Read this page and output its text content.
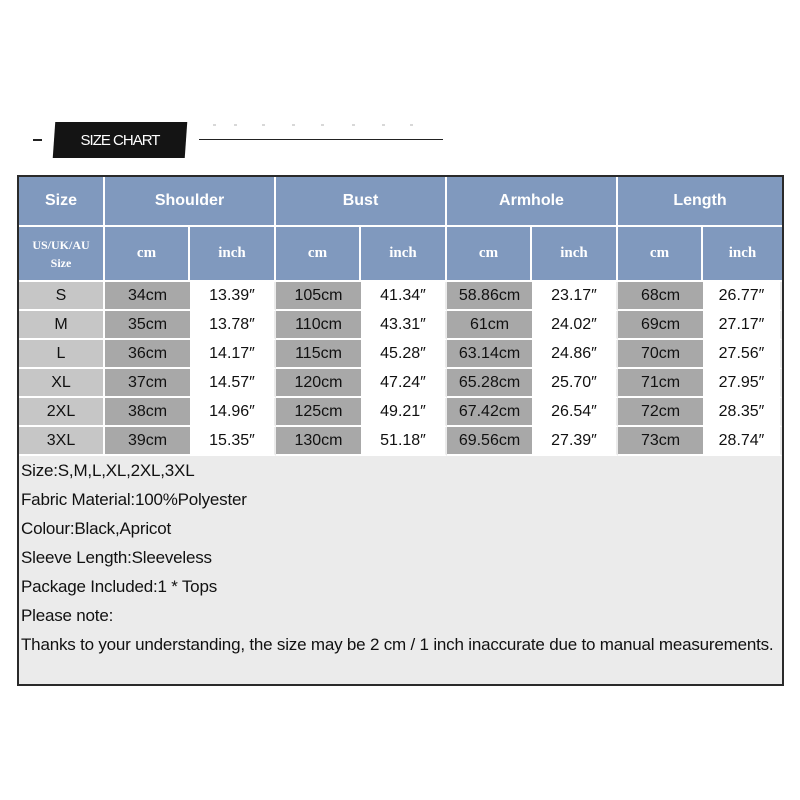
SIZE CHART
Size	Shoulder		Bust		Armhole		Length	

US/UK/AU
Size	cm	inch	cm	inch	cm	inch	cm	inch
S	34cm	13.39″	105cm	41.34″	58.86cm	23.17″	68cm	26.77″
M	35cm	13.78″	110cm	43.31″	61cm	24.02″	69cm	27.17″
L	36cm	14.17″	115cm	45.28″	63.14cm	24.86″	70cm	27.56″
XL	37cm	14.57″	120cm	47.24″	65.28cm	25.70″	71cm	27.95″
2XL	38cm	14.96″	125cm	49.21″	67.42cm	26.54″	72cm	28.35″
3XL	39cm	15.35″	130cm	51.18″	69.56cm	27.39″	73cm	28.74″
Size:S,M,L,XL,2XL,3XL
Fabric Material:100%Polyester
Colour:Black,Apricot
Sleeve Length:Sleeveless
Package Included:1 * Tops
Please note:
Thanks to your understanding, the size may be 2 cm / 1 inch inaccurate due to manual measurements.
